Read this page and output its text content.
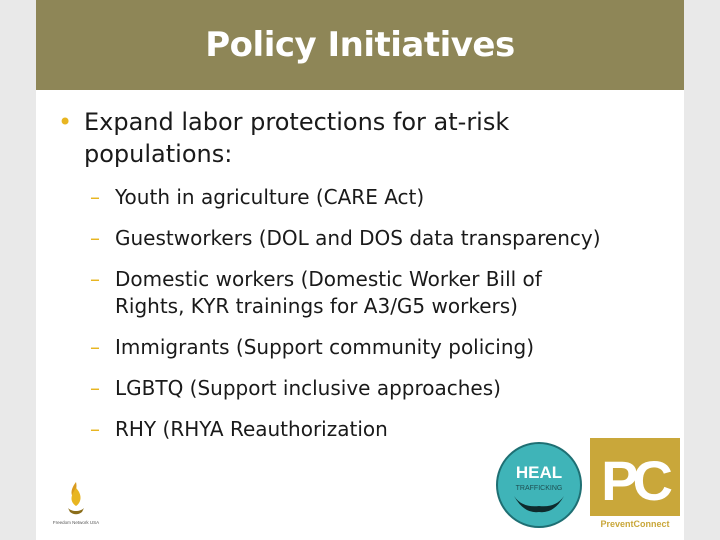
Policy Initiatives
• Expand labor protections for at-risk populations:
– Youth in agriculture (CARE Act)
– Guestworkers (DOL and DOS data transparency)
– Domestic workers (Domestic Worker Bill of Rights, KYR trainings for A3/G5 workers)
– Immigrants (Support community policing)
– LGBTQ (Support inclusive approaches)
– RHY (RHYA Reauthorization
Freedom Network USA
HEAL
TRAFFICKING PC
PreventConnect
